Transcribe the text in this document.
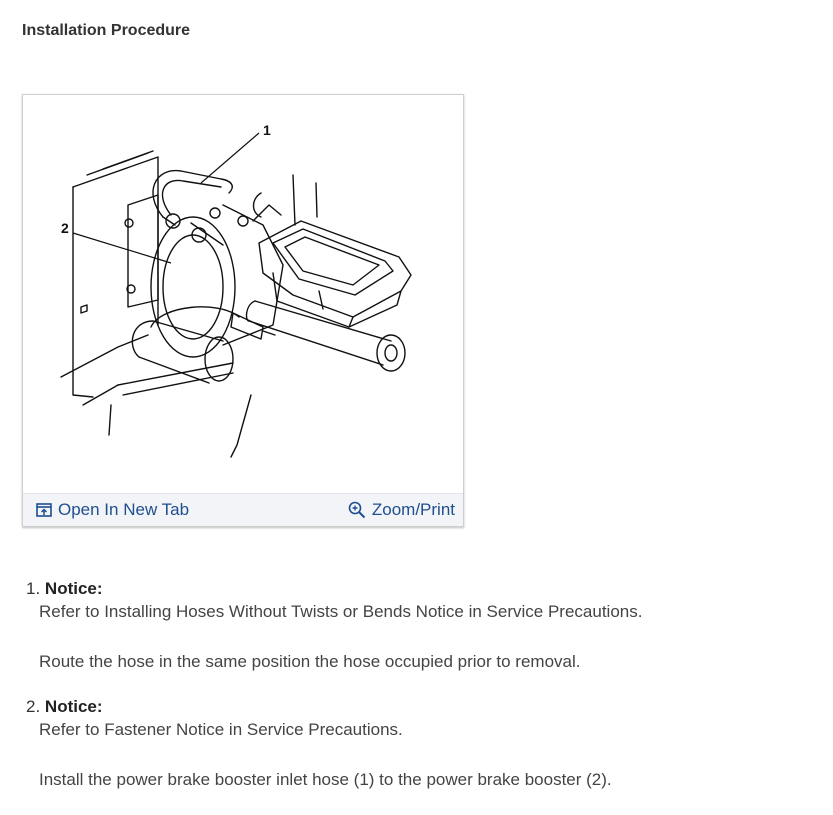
Installation Procedure
1
2
Open In New Tab	Zoom/Print
1. Notice:
Refer to Installing Hoses Without Twists or Bends Notice in Service Precautions.
Route the hose in the same position the hose occupied prior to removal.
2. Notice:
Refer to Fastener Notice in Service Precautions.
Install the power brake booster inlet hose (1) to the power brake booster (2).
